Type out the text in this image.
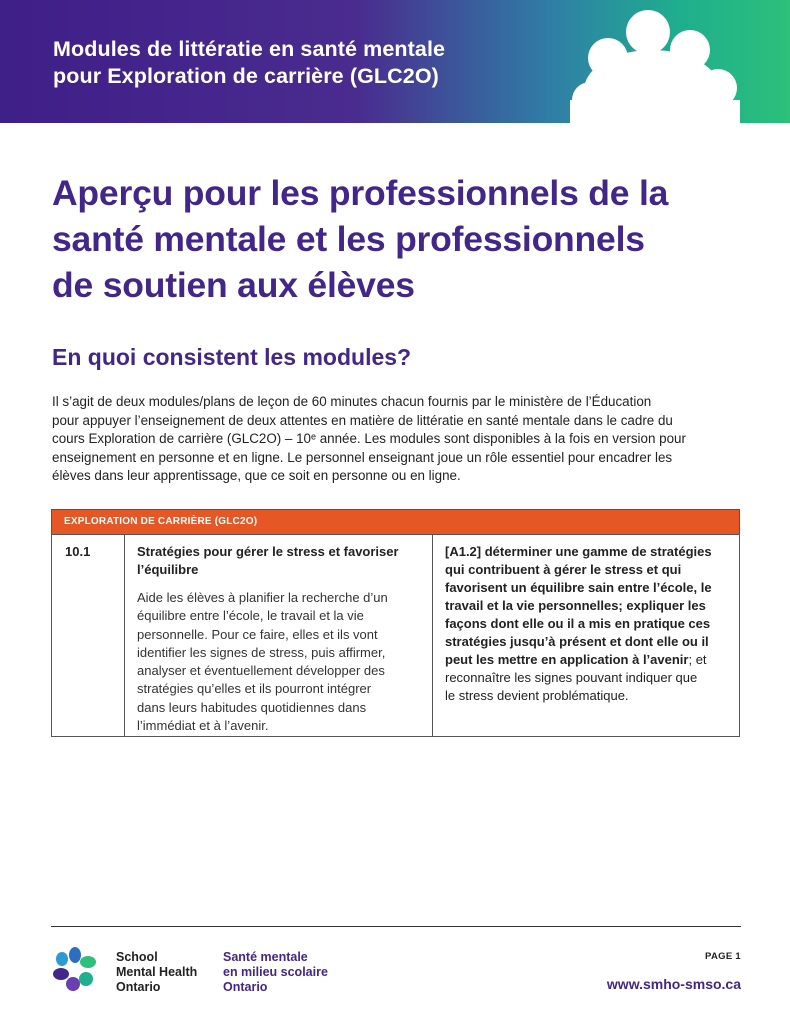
Modules de littératie en santé mentale
pour Exploration de carrière (GLC2O)
Aperçu pour les professionnels de la
santé mentale et les professionnels
de soutien aux élèves
En quoi consistent les modules?
Il s’agit de deux modules/plans de leçon de 60 minutes chacun fournis par le ministère de l’Éducation
pour appuyer l’enseignement de deux attentes en matière de littératie en santé mentale dans le cadre du
cours Exploration de carrière (GLC2O) – 10ᵉ année. Les modules sont disponibles à la fois en version pour
enseignement en personne et en ligne. Le personnel enseignant joue un rôle essentiel pour encadrer les
élèves dans leur apprentissage, que ce soit en personne ou en ligne.
EXPLORATION DE CARRIÈRE (GLC2O)
10.1	Stratégies pour gérer le stress et favoriser
l’équilibre
Aide les élèves à planifier la recherche d’un
équilibre entre l’école, le travail et la vie
personnelle. Pour ce faire, elles et ils vont
identifier les signes de stress, puis affirmer,
analyser et éventuellement développer des
stratégies qu’elles et ils pourront intégrer
dans leurs habitudes quotidiennes dans
l’immédiat et à l’avenir.
[A1.2] déterminer une gamme de stratégies
qui contribuent à gérer le stress et qui
favorisent un équilibre sain entre l’école, le
travail et la vie personnelles; expliquer les
façons dont elle ou il a mis en pratique ces
stratégies jusqu’à présent et dont elle ou il
peut les mettre en application à l’avenir; et
reconnaître les signes pouvant indiquer que
le stress devient problématique.
School
Mental Health
Ontario
Santé mentale
en milieu scolaire
Ontario
PAGE 1
www.smho-smso.ca
